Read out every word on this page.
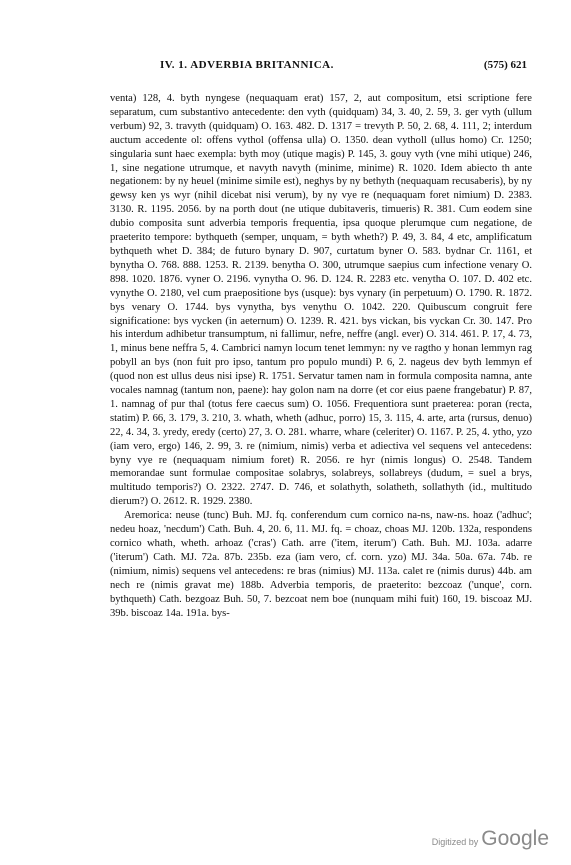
IV. 1. ADVERBIA BRITANNICA.	(575) 621

venta) 128, 4. byth nyngese (nequaquam erat) 157, 2, aut compositum, etsi scriptione fere separatum, cum substantivo antecedente: den vyth (quidquam) 34, 3. 40, 2. 59, 3. ger vyth (ullum verbum) 92, 3. travyth (quidquam) O. 163. 482. D. 1317 = trevyth P. 50, 2. 68, 4. 111, 2; interdum auctum accedente ol: offens vythol (offensa ulla) O. 1350. dean vytholl (ullus homo) Cr. 1250; singularia sunt haec exempla: byth moy (utique magis) P. 145, 3. gouy vyth (vne mihi utique) 246, 1, sine negatione utrumque, et navyth navyth (minime, minime) R. 1020. Idem abiecto th ante negationem: by ny heuel (minime simile est), neghys by ny bethyth (nequaquam recusaberis), by ny gewsy ken ys wyr (nihil dicebat nisi verum), by ny vye re (nequaquam foret nimium) D. 2383. 3130. R. 1195. 2056. by na porth dout (ne utique dubitaveris, timueris) R. 381. Cum eodem sine dubio composita sunt adverbia temporis frequentia, ipsa quoque plerumque cum negatione, de praeterito tempore: bythqueth (semper, unquam, = byth wheth?) P. 49, 3. 84, 4 etc, amplificatum bythqueth whet D. 384; de futuro bynary D. 907, curtatum byner O. 583. bydnar Cr. 1161, et bynytha O. 768. 888. 1253. R. 2139. benytha O. 300, utrumque saepius cum infectione venary O. 898. 1020. 1876. vyner O. 2196. vynytha O. 96. D. 124. R. 2283 etc. venytha O. 107. D. 402 etc. vynythe O. 2180, vel cum praepositione bys (usque): bys vynary (in perpetuum) O. 1790. R. 1872. bys venary O. 1744. bys vynytha, bys venythu O. 1042. 220. Quibuscum congruit fere significatione: bys vycken (in aeternum) O. 1239. R. 421. bys vickan, bis vyckan Cr. 30. 147. Pro his interdum adhibetur transumptum, ni fallimur, nefre, neffre (angl. ever) O. 314. 461. P. 17, 4. 73, 1, minus bene neffra 5, 4. Cambrici namyn locum tenet lemmyn: ny ve ragtho y honan lemmyn rag pobyll an bys (non fuit pro ipso, tantum pro populo mundi) P. 6, 2. nageus dev byth lemmyn ef (quod non est ullus deus nisi ipse) R. 1751. Servatur tamen nam in formula composita namna, ante vocales namnag (tantum non, paene): hay golon nam na dorre (et cor eius paene frangebatur) P. 87, 1. namnag of pur thal (totus fere caecus sum) O. 1056. Frequentiora sunt praeterea: poran (recta, statim) P. 66, 3. 179, 3. 210, 3. whath, wheth (adhuc, porro) 15, 3. 115, 4. arte, arta (rursus, denuo) 22, 4. 34, 3. yredy, eredy (certo) 27, 3. O. 281. wharre, whare (celeriter) O. 1167. P. 25, 4. ytho, yzo (iam vero, ergo) 146, 2. 99, 3. re (nimium, nimis) verba et adiectiva vel sequens vel antecedens: byny vye re (nequaquam nimium foret) R. 2056. re hyr (nimis longus) O. 2548. Tandem memorandae sunt formulae compositae solabrys, solabreys, sollabreys (dudum, = suel a brys, multitudo temporis?) O. 2322. 2747. D. 746, et solathyth, solatheth, sollathyth (id., multitudo dierum?) O. 2612. R. 1929. 2380.

Aremorica: neuse (tunc) Buh. MJ. fq. conferendum cum cornico na-ns, naw-ns. hoaz ('adhuc'; nedeu hoaz, 'necdum') Cath. Buh. 4, 20. 6, 11. MJ. fq. = choaz, choas MJ. 120b. 132a, respondens cornico whath, wheth. arhoaz ('cras') Cath. arre ('item, iterum') Cath. Buh. MJ. 103a. adarre ('iterum') Cath. MJ. 72a. 87b. 235b. eza (iam vero, cf. corn. yzo) MJ. 34a. 50a. 67a. 74b. re (nimium, nimis) sequens vel antecedens: re bras (nimius) MJ. 113a. calet re (nimis durus) 44b. am nech re (nimis gravat me) 188b. Adverbia temporis, de praeterito: bezcoaz ('unque', corn. bythqueth) Cath. bezgoaz Buh. 50, 7. bezcoat nem boe (nunquam mihi fuit) 160, 19. biscoaz MJ. 39b. biscoaz 14a. 191a. bys-

Digitized by Google
